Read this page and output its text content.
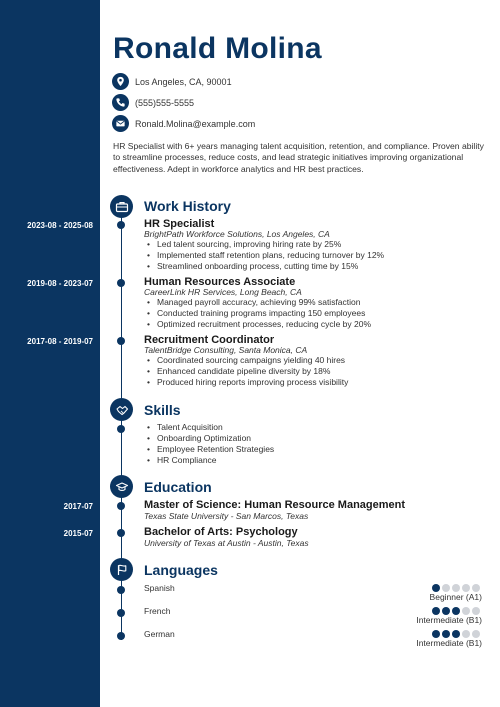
Ronald Molina
Los Angeles, CA, 90001
(555)555-5555
Ronald.Molina@example.com

HR Specialist with 6+ years managing talent acquisition, retention, and compliance. Proven ability to streamline processes, reduce costs, and lead strategic initiatives improving organizational effectiveness. Adept in workforce analytics and HR best practices.

Work History
2023-08 - 2025-08	HR Specialist
BrightPath Workforce Solutions, Los Angeles, CA
• Led talent sourcing, improving hiring rate by 25%
• Implemented staff retention plans, reducing turnover by 12%
• Streamlined onboarding process, cutting time by 15%
2019-08 - 2023-07	Human Resources Associate
CareerLink HR Services, Long Beach, CA
• Managed payroll accuracy, achieving 99% satisfaction
• Conducted training programs impacting 150 employees
• Optimized recruitment processes, reducing cycle by 20%
2017-08 - 2019-07	Recruitment Coordinator
TalentBridge Consulting, Santa Monica, CA
• Coordinated sourcing campaigns yielding 40 hires
• Enhanced candidate pipeline diversity by 18%
• Produced hiring reports improving process visibility
Skills
• Talent Acquisition
• Onboarding Optimization
• Employee Retention Strategies
• HR Compliance
Education
2017-07	Master of Science: Human Resource Management
Texas State University - San Marcos, Texas
2015-07	Bachelor of Arts: Psychology
University of Texas at Austin - Austin, Texas
Languages
Spanish
Beginner (A1)
French
Intermediate (B1)
German
Intermediate (B1)
